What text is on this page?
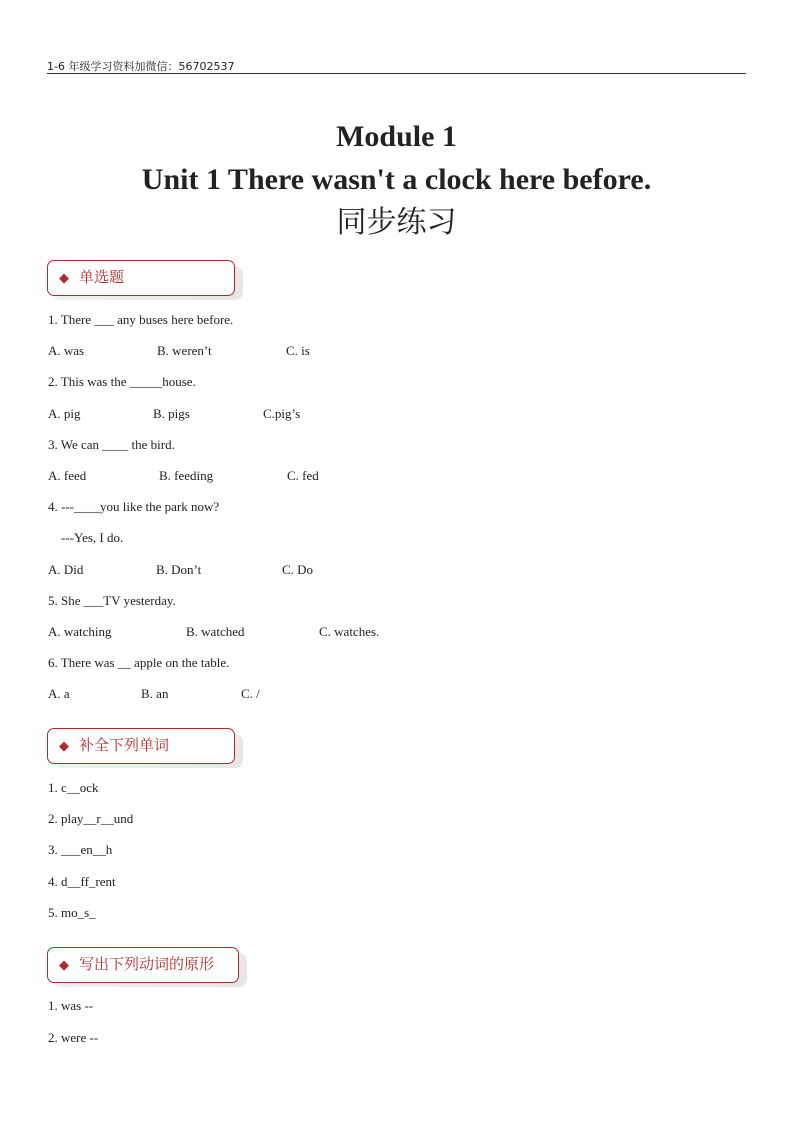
1-6 年级学习资料加微信：56702537
Module 1
Unit 1 There wasn't a clock here before.
同步练习
◆ 单选题
1. There ___ any buses here before.
A. was	B. weren’t	C. is
2. This was the _____house.
A. pig	B. pigs	C.pig’s
3. We can ____ the bird.
A. feed	B. feeding	C. fed
4. ---____you like the park now?
---Yes, I do.
A. Did	B. Don’t	C. Do
5. She ___TV yesterday.
A. watching	B. watched	C. watches.
6. There was __ apple on the table.
A. a	B. an	C. /
◆ 补全下列单词
1. c__ock
2. play__r__und
3. ___en__h
4. d__ff_rent
5. mo_s_
◆ 写出下列动词的原形
1. was --
2. were --
